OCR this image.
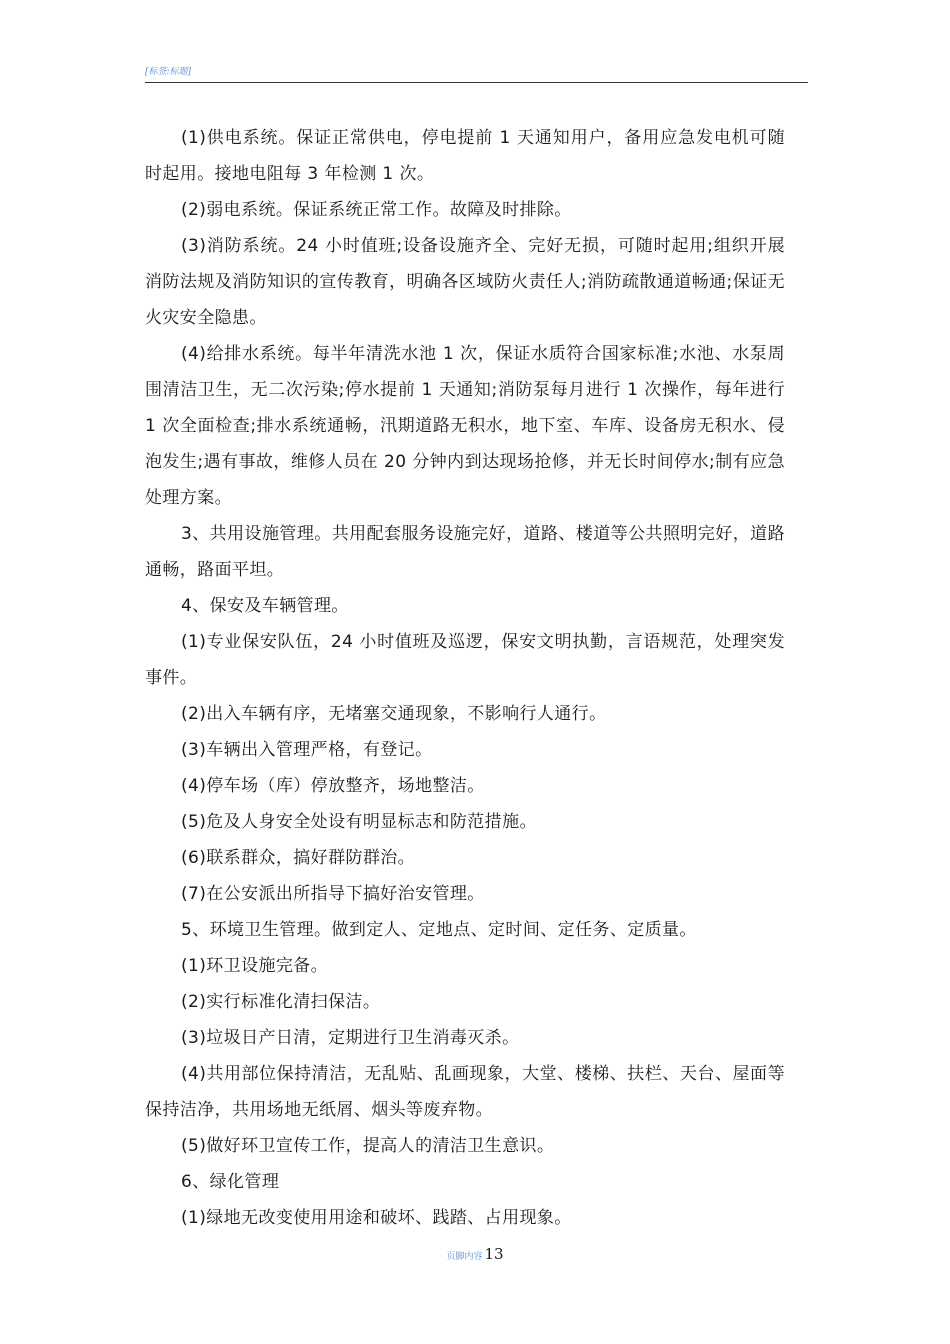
[标签:标题]

(1)供电系统。保证正常供电，停电提前 1 天通知用户，备用应急发电机可随时起用。接地电阻每 3 年检测 1 次。

(2)弱电系统。保证系统正常工作。故障及时排除。

(3)消防系统。24 小时值班;设备设施齐全、完好无损，可随时起用;组织开展消防法规及消防知识的宣传教育，明确各区域防火责任人;消防疏散通道畅通;保证无火灾安全隐患。

(4)给排水系统。每半年清洗水池 1 次，保证水质符合国家标准;水池、水泵周围清洁卫生，无二次污染;停水提前 1 天通知;消防泵每月进行 1 次操作，每年进行 1 次全面检查;排水系统通畅，汛期道路无积水，地下室、车库、设备房无积水、侵泡发生;遇有事故，维修人员在 20 分钟内到达现场抢修，并无长时间停水;制有应急处理方案。

3、共用设施管理。共用配套服务设施完好，道路、楼道等公共照明完好，道路通畅，路面平坦。

4、保安及车辆管理。

(1)专业保安队伍，24 小时值班及巡逻，保安文明执勤，言语规范，处理突发事件。

(2)出入车辆有序，无堵塞交通现象，不影响行人通行。

(3)车辆出入管理严格，有登记。

(4)停车场（库）停放整齐，场地整洁。

(5)危及人身安全处设有明显标志和防范措施。

(6)联系群众，搞好群防群治。

(7)在公安派出所指导下搞好治安管理。

5、环境卫生管理。做到定人、定地点、定时间、定任务、定质量。

(1)环卫设施完备。

(2)实行标准化清扫保洁。

(3)垃圾日产日清，定期进行卫生消毒灭杀。

(4)共用部位保持清洁，无乱贴、乱画现象，大堂、楼梯、扶栏、天台、屋面等保持洁净，共用场地无纸屑、烟头等废弃物。

(5)做好环卫宣传工作，提高人的清洁卫生意识。

6、绿化管理

(1)绿地无改变使用用途和破坏、践踏、占用现象。

页脚内容 13
